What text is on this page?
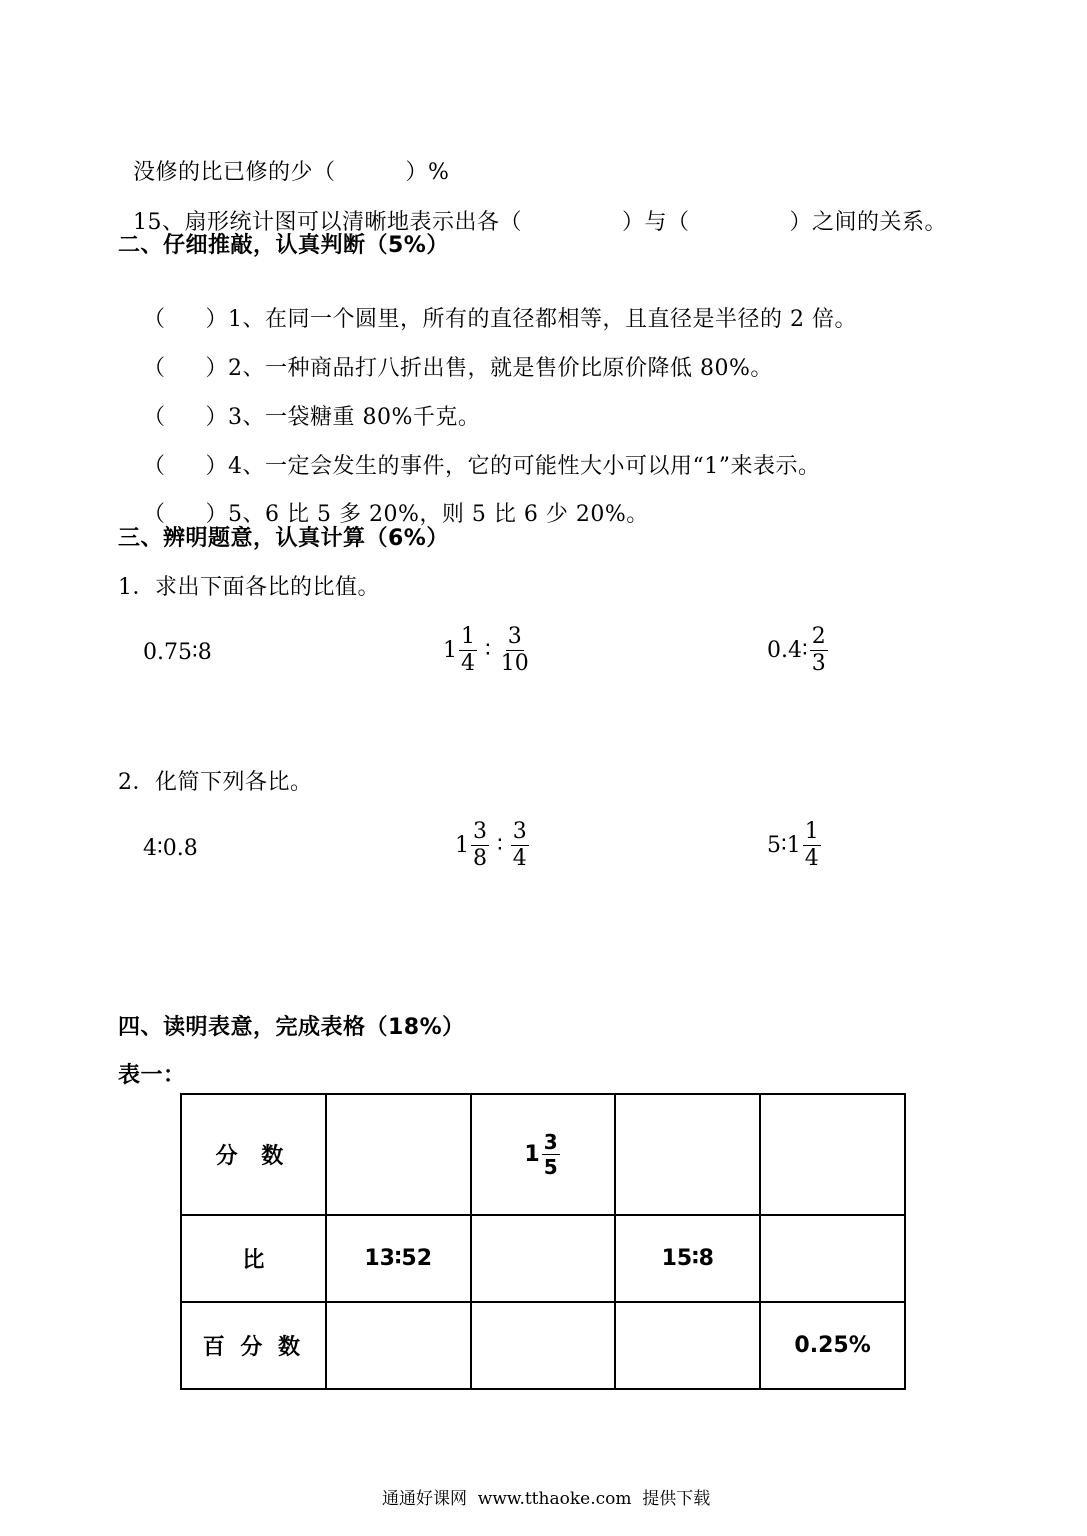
没修的比已修的少（	）%

15、扇形统计图可以清晰地表示出各（	）与（	）之间的关系。

二、仔细推敲，认真判断（5%）

（ ）1、在同一个圆里，所有的直径都相等，且直径是半径的 2 倍。

（ ）2、一种商品打八折出售，就是售价比原价降低 80%。

（ ）3、一袋糖重 80%千克。

（ ）4、一定会发生的事件，它的可能性大小可以用“1”来表示。

（ ）5、6 比 5 多 20%，则 5 比 6 少 20%。

三、辨明题意，认真计算（6%）
1．求出下面各比的比值。
0.75∶8	$1 \frac{1}{4}$ ∶ $\frac{3}{10}$	0.4∶ $\frac{2}{3}$
2．化简下列各比。
4∶0.8	$1 \frac{3}{8}$ ∶ $\frac{3}{4}$	5∶1 $\frac{1}{4}$
四、读明表意，完成表格（18%）
表一：
分 数		$1 \frac{3}{5}$

比	13∶52		15∶8	
百 分 数				0.25%
通通好课网  www.tthaoke.com  提供下载
